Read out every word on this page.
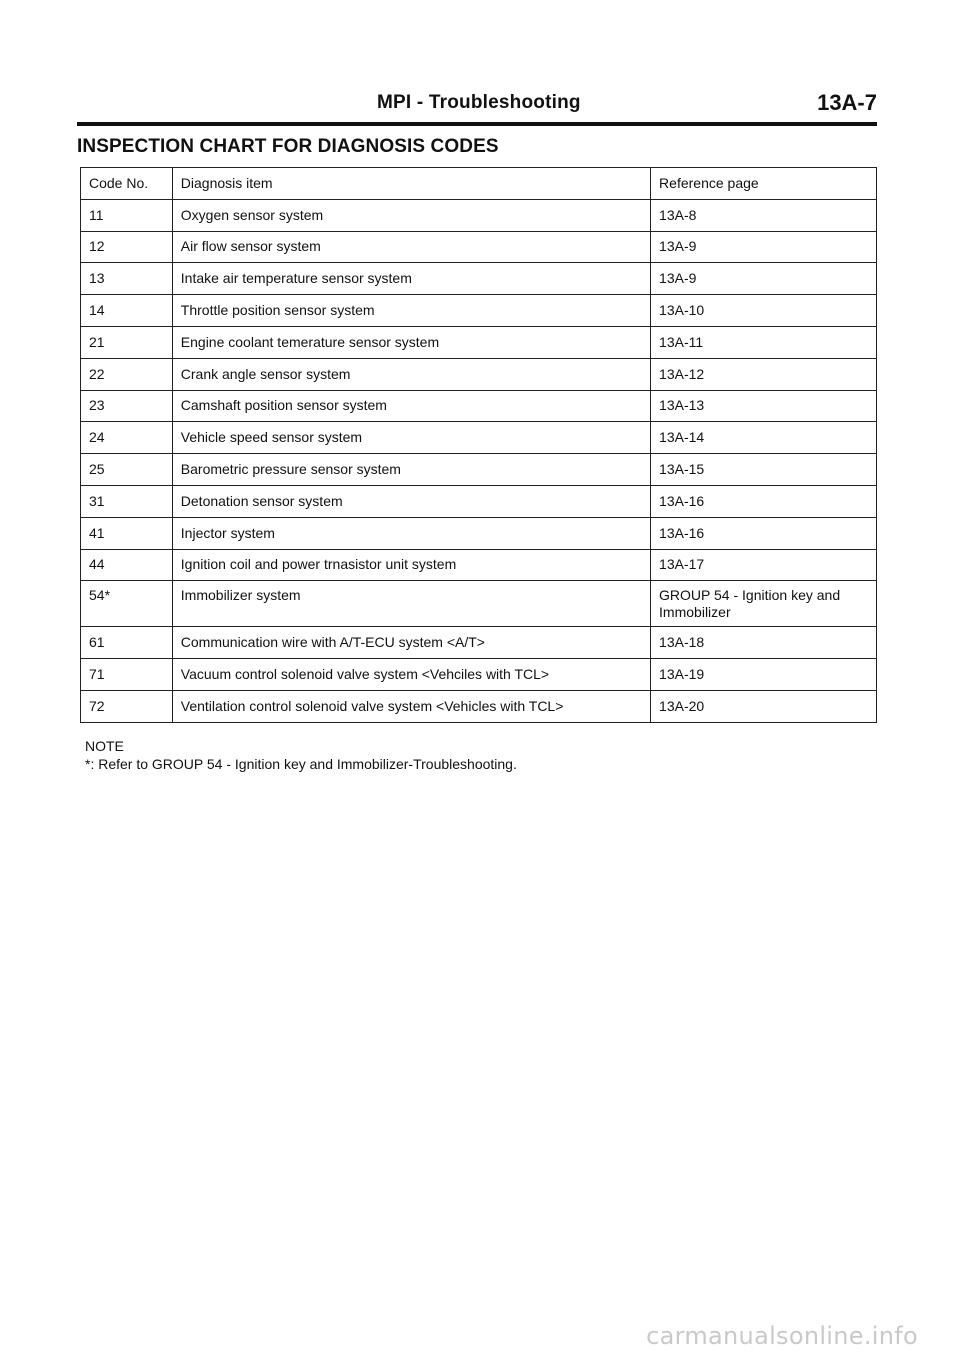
MPI - Troubleshooting	13A-7
INSPECTION CHART FOR DIAGNOSIS CODES
Code No.	Diagnosis item	Reference page
11	Oxygen sensor system	13A-8
12	Air flow sensor system	13A-9
13	Intake air temperature sensor system	13A-9
14	Throttle position sensor system	13A-10
21	Engine coolant temerature sensor system	13A-11
22	Crank angle sensor system	13A-12
23	Camshaft position sensor system	13A-13
24	Vehicle speed sensor system	13A-14
25	Barometric pressure sensor system	13A-15
31	Detonation sensor system	13A-16
41	Injector system	13A-16
44	Ignition coil and power trnasistor unit system	13A-17
54*	Immobilizer system	GROUP 54 - Ignition key and Immobilizer
61	Communication wire with A/T-ECU system <A/T>	13A-18
71	Vacuum control solenoid valve system <Vehciles with TCL>	13A-19
72	Ventilation control solenoid valve system <Vehicles with TCL>	13A-20
NOTE
*: Refer to GROUP 54 - Ignition key and Immobilizer-Troubleshooting.
carmanualsonline.info
